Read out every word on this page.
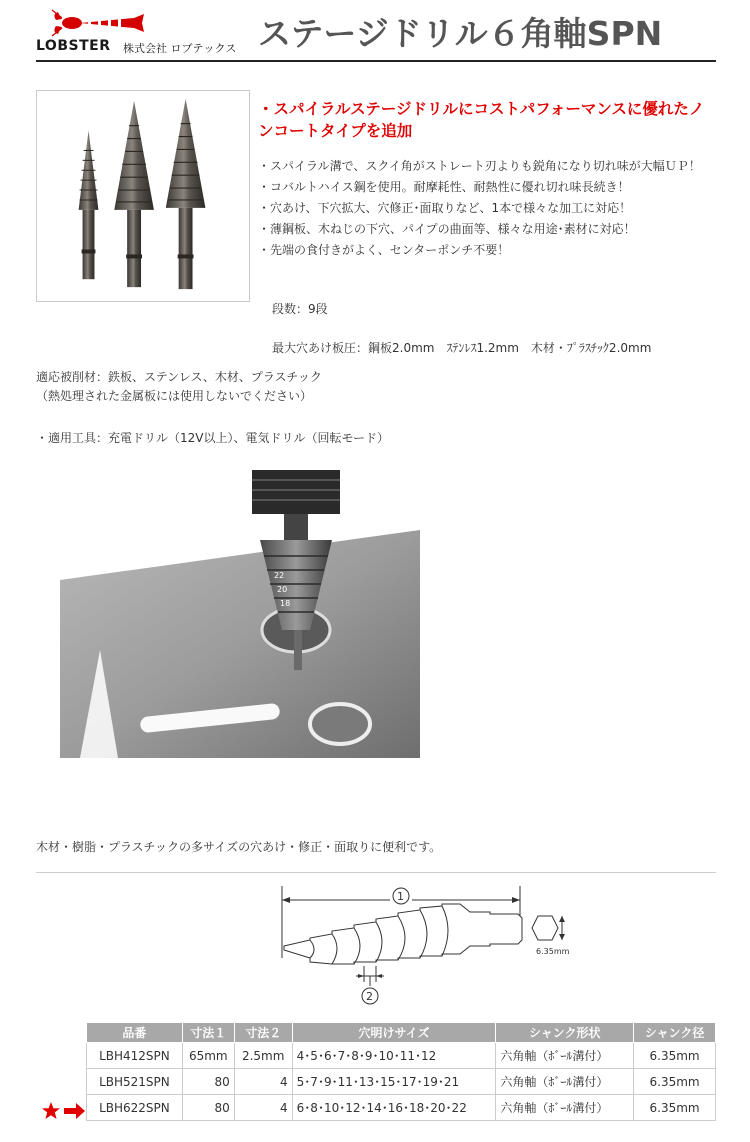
LOBSTER 株式会社 ロブテックス ステージドリル６角軸SPN
・スパイラルステージドリルにコストパフォーマンスに優れたノンコートタイプを追加
・スパイラル溝で、スクイ角がストレート刃よりも鋭角になり切れ味が大幅ＵＰ！
・コバルトハイス鋼を使用。耐摩耗性、耐熱性に優れ切れ味長続き！
・穴あけ、下穴拡大、穴修正･面取りなど、1本で様々な加工に対応！
・薄鋼板、木ねじの下穴、パイプの曲面等、様々な用途･素材に対応！
・先端の食付きがよく、センターポンチ不要！
段数：9段
最大穴あけ板圧：鋼板2.0mm　ｽﾃﾝﾚｽ1.2mm　木材・ﾌﾟﾗｽﾁｯｸ2.0mm
適応被削材：鉄板、ステンレス、木材、プラスチック
（熱処理された金属板には使用しないでください）
・適用工具：充電ドリル（12V以上）、電気ドリル（回転モード）
22
20
18
木材・樹脂・プラスチックの多サイズの穴あけ・修正・面取りに便利です。
1
6.35mm
2
品番	寸法１	寸法２	穴明けサイズ	シャンク形状	シャンク径
LBH412SPN	65mm	2.5mm	4･5･6･7･8･9･10･11･12	六角軸（ﾎﾞｰﾙ溝付）	6.35mm
LBH521SPN	80	4	5･7･9･11･13･15･17･19･21	六角軸（ﾎﾞｰﾙ溝付）	6.35mm
LBH622SPN	80	4	6･8･10･12･14･16･18･20･22	六角軸（ﾎﾞｰﾙ溝付）	6.35mm
